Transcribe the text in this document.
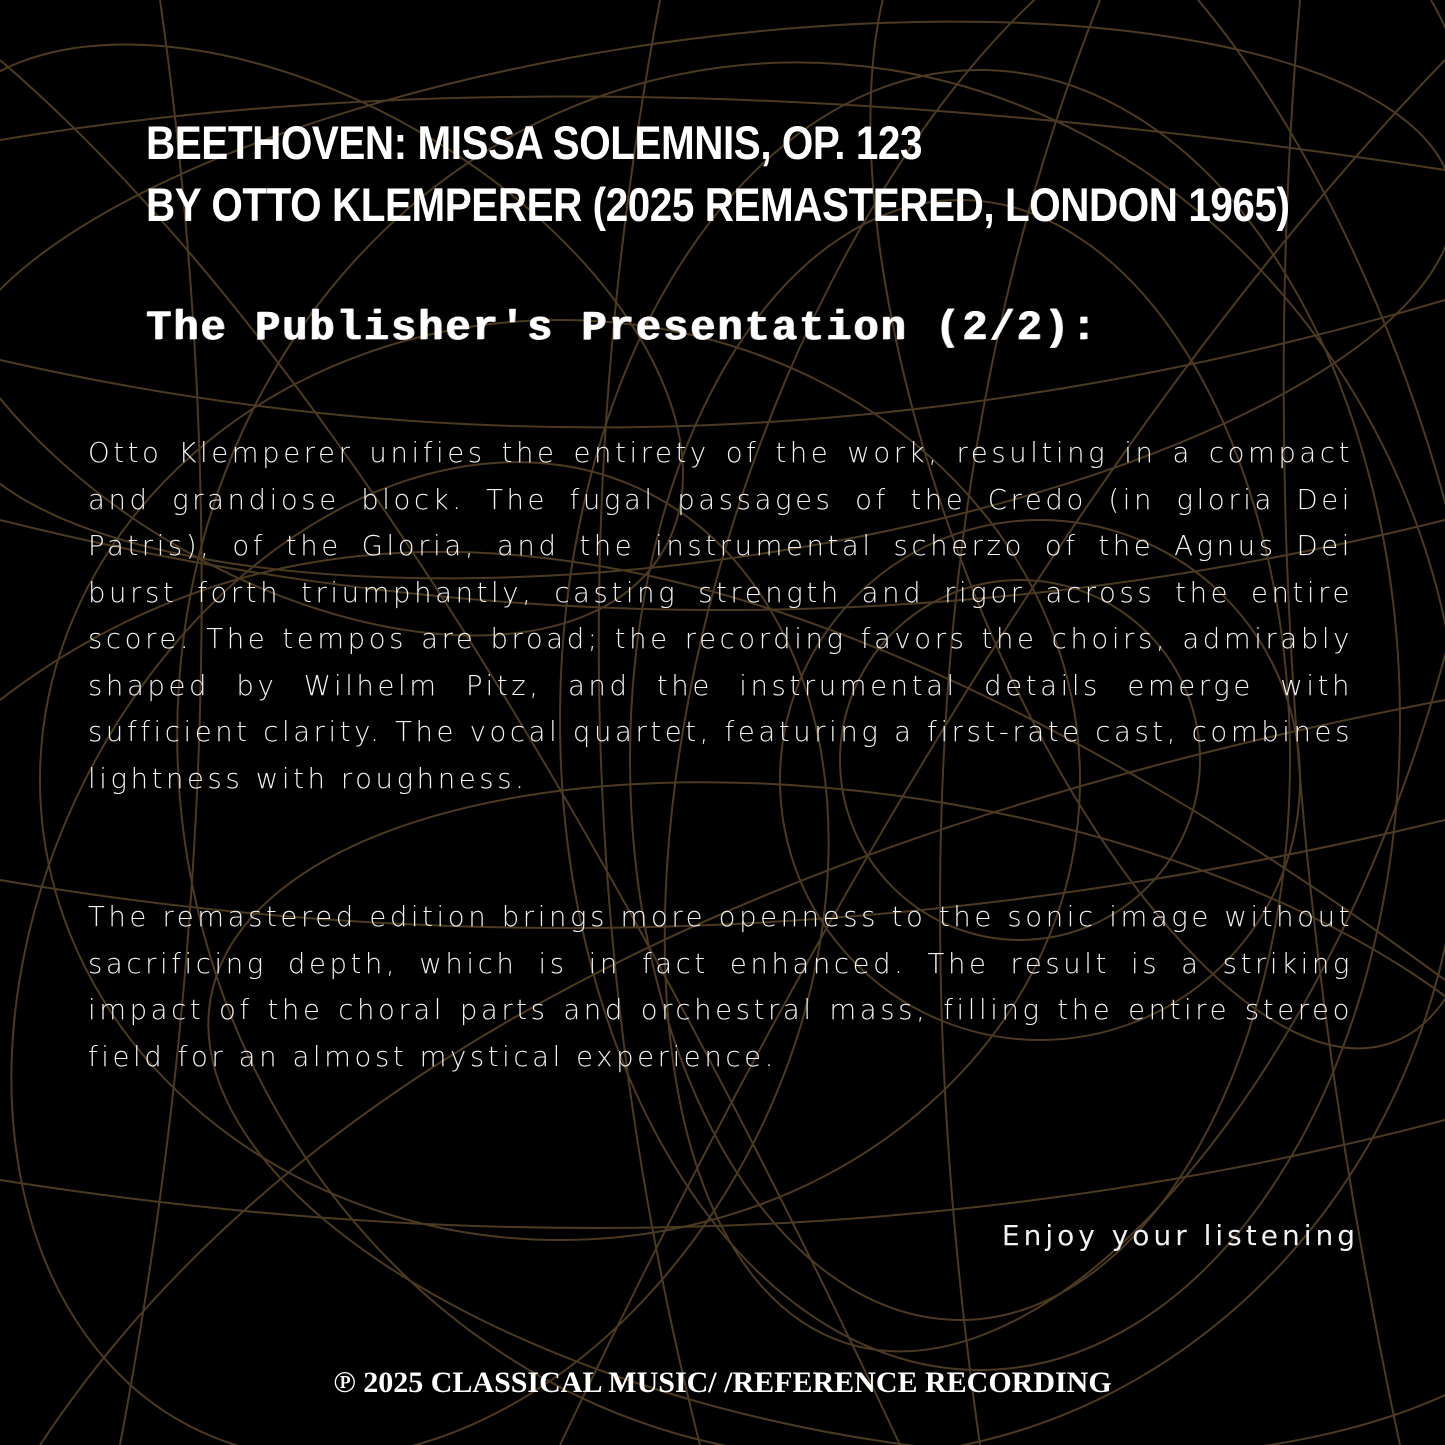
BEETHOVEN: MISSA SOLEMNIS, OP. 123
BY OTTO KLEMPERER (2025 REMASTERED, LONDON 1965)
The Publisher's Presentation (2/2):

Otto Klemperer unifies the entirety of the work, resulting in a compact and grandiose block. The fugal passages of the Credo (in gloria Dei Patris), of the Gloria, and the instrumental scherzo of the Agnus Dei burst forth triumphantly, casting strength and rigor across the entire score. The tempos are broad; the recording favors the choirs, admirably shaped by Wilhelm Pitz, and the instrumental details emerge with sufficient clarity. The vocal quartet, featuring a first-rate cast, combines lightness with roughness.

The remastered edition brings more openness to the sonic image without sacrificing depth, which is in fact enhanced. The result is a striking impact of the choral parts and orchestral mass, filling the entire stereo field for an almost mystical experience.

Enjoy your listening
℗ 2025 CLASSICAL MUSIC/ /REFERENCE RECORDING
